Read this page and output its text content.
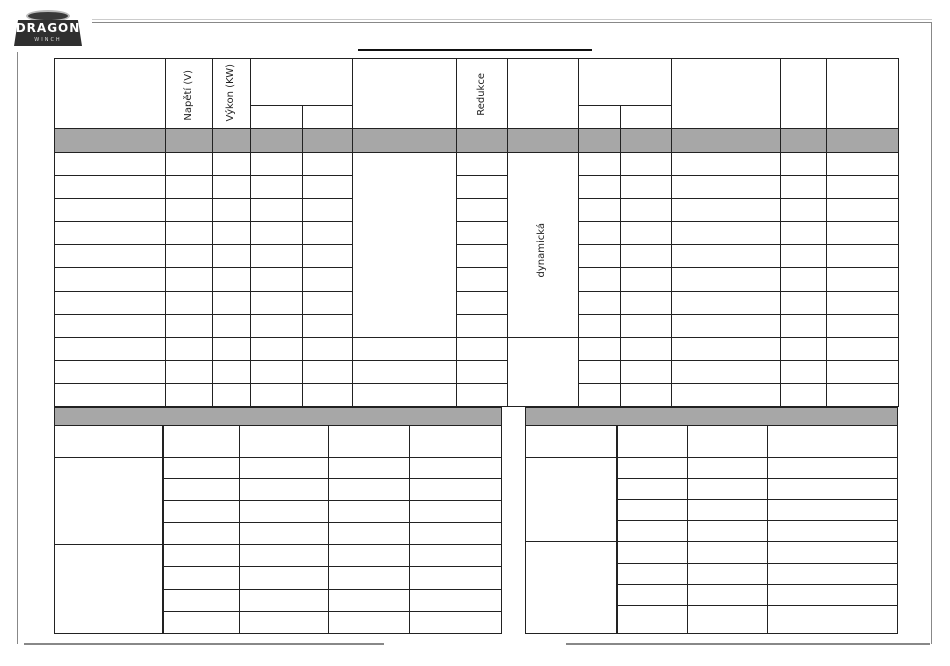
DRAGON
WINCH
Napětí (V)	Výkon (KW)	Redukce
dynamická
